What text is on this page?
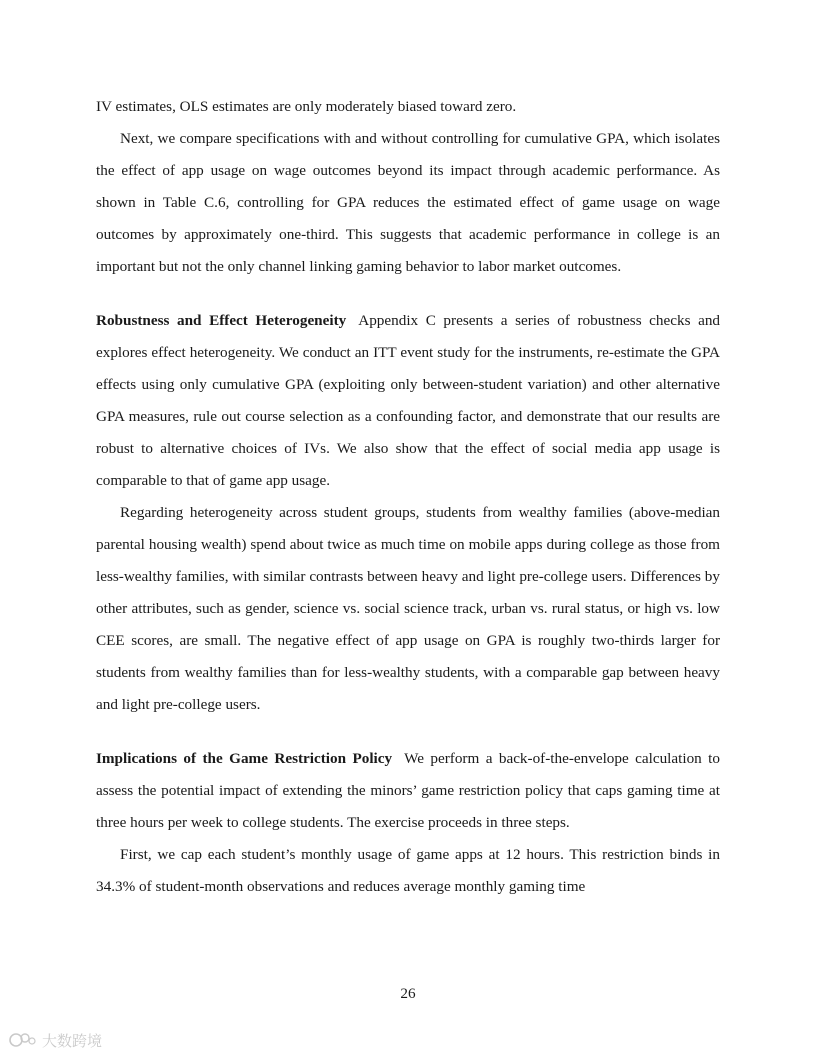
IV estimates, OLS estimates are only moderately biased toward zero.

Next, we compare specifications with and without controlling for cumulative GPA, which isolates the effect of app usage on wage outcomes beyond its impact through academic performance. As shown in Table C.6, controlling for GPA reduces the estimated effect of game usage on wage outcomes by approximately one-third. This suggests that academic performance in college is an important but not the only channel linking gaming behavior to labor market outcomes.

Robustness and Effect Heterogeneity Appendix C presents a series of robustness checks and explores effect heterogeneity. We conduct an ITT event study for the instruments, re-estimate the GPA effects using only cumulative GPA (exploiting only between-student variation) and other alternative GPA measures, rule out course selection as a confounding factor, and demonstrate that our results are robust to alternative choices of IVs. We also show that the effect of social media app usage is comparable to that of game app usage.

Regarding heterogeneity across student groups, students from wealthy families (above-median parental housing wealth) spend about twice as much time on mobile apps during college as those from less-wealthy families, with similar contrasts between heavy and light pre-college users. Differences by other attributes, such as gender, science vs. social science track, urban vs. rural status, or high vs. low CEE scores, are small. The negative effect of app usage on GPA is roughly two-thirds larger for students from wealthy families than for less-wealthy students, with a comparable gap between heavy and light pre-college users.

Implications of the Game Restriction Policy We perform a back-of-the-envelope calculation to assess the potential impact of extending the minors’ game restriction policy that caps gaming time at three hours per week to college students. The exercise proceeds in three steps.

First, we cap each student’s monthly usage of game apps at 12 hours. This restriction binds in 34.3% of student-month observations and reduces average monthly gaming time

26
大数跨境
